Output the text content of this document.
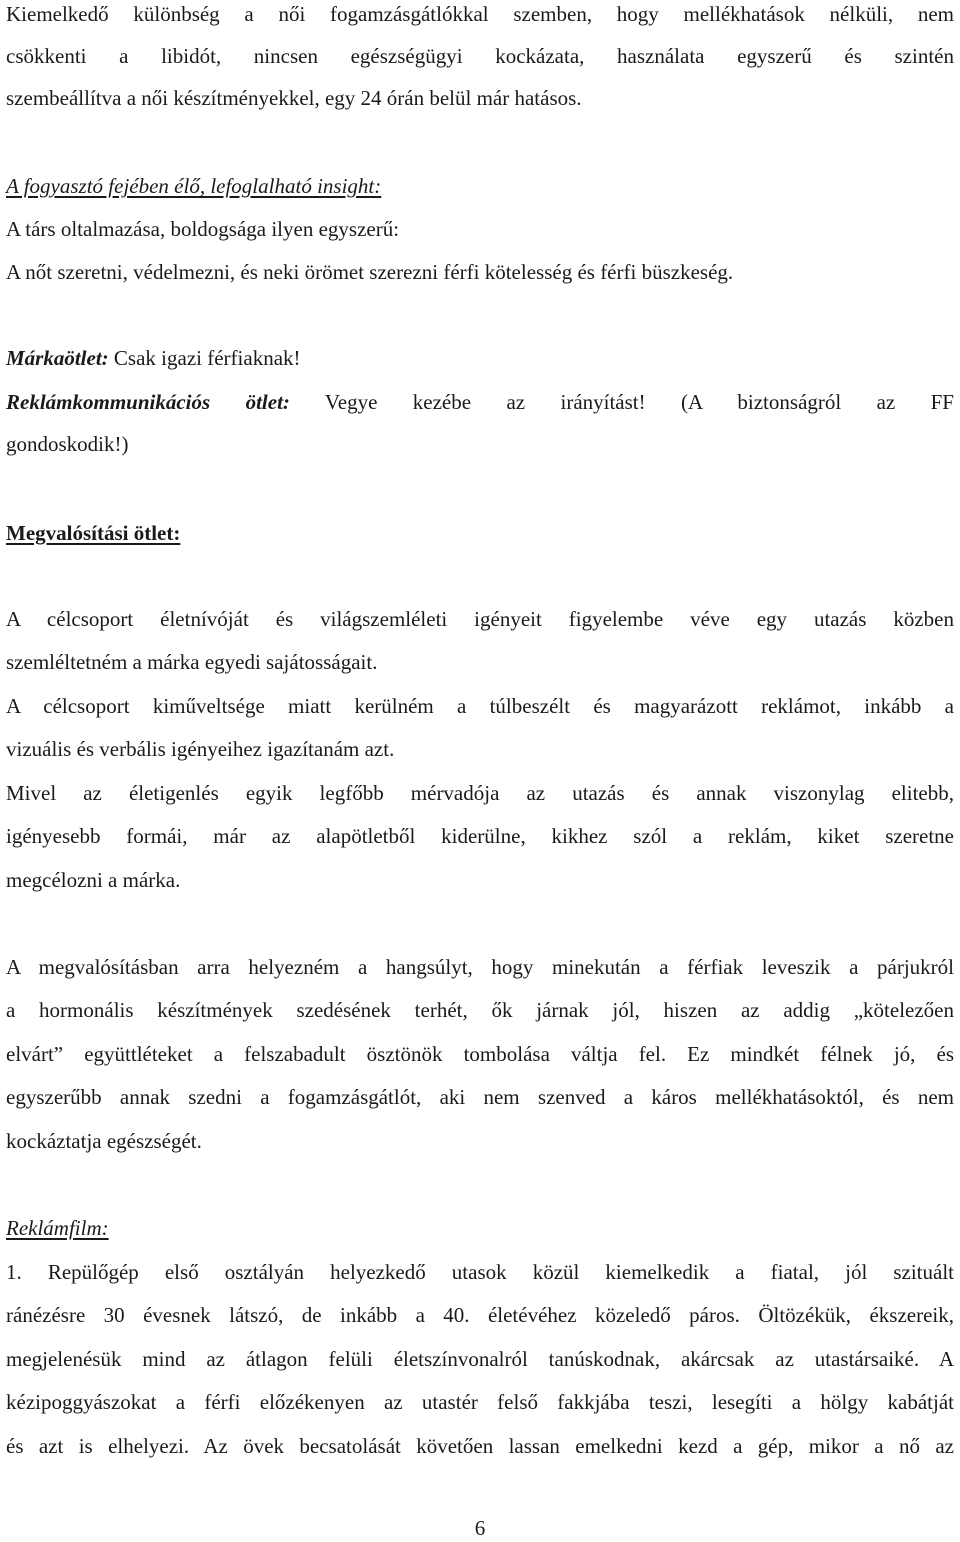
Kiemelkedő különbség a női fogamzásgátlókkal szemben, hogy mellékhatások nélküli, nem
csökkenti a libidót, nincsen egészségügyi kockázata, használata egyszerű és szintén
szembeállítva a női készítményekkel, egy 24 órán belül már hatásos.
A fogyasztó fejében élő, lefoglalható insight:
A társ oltalmazása, boldogsága ilyen egyszerű:
A nőt szeretni, védelmezni, és neki örömet szerezni férfi kötelesség és férfi büszkeség.
Márkaötlet: Csak igazi férfiaknak!
Reklámkommunikációs ötlet: Vegye kezébe az irányítást! (A biztonságról az FF
gondoskodik!)
Megvalósítási ötlet:
A célcsoport életnívóját és világszemléleti igényeit figyelembe véve egy utazás közben
szemléltetném a márka egyedi sajátosságait.
A célcsoport kiműveltsége miatt kerülném a túlbeszélt és magyarázott reklámot, inkább a
vizuális és verbális igényeihez igazítanám azt.
Mivel az életigenlés egyik legfőbb mérvadója az utazás és annak viszonylag elitebb,
igényesebb formái, már az alapötletből kiderülne, kikhez szól a reklám, kiket szeretne
megcélozni a márka.
A megvalósításban arra helyezném a hangsúlyt, hogy minekután a férfiak leveszik a párjukról
a hormonális készítmények szedésének terhét, ők járnak jól, hiszen az addig „kötelezően
elvárt” együttléteket a felszabadult ösztönök tombolása váltja fel. Ez mindkét félnek jó, és
egyszerűbb annak szedni a fogamzásgátlót, aki nem szenved a káros mellékhatásoktól, és nem
kockáztatja egészségét.
Reklámfilm:
1. Repülőgép első osztályán helyezkedő utasok közül kiemelkedik a fiatal, jól szituált
ránézésre 30 évesnek látszó, de inkább a 40. életévéhez közeledő páros. Öltözékük, ékszereik,
megjelenésük mind az átlagon felüli életszínvonalról tanúskodnak, akárcsak az utastársaiké. A
kézipoggyászokat a férfi előzékenyen az utastér felső fakkjába teszi, lesegíti a hölgy kabátját
és azt is elhelyezi. Az övek becsatolását követően lassan emelkedni kezd a gép, mikor a nő az
6
